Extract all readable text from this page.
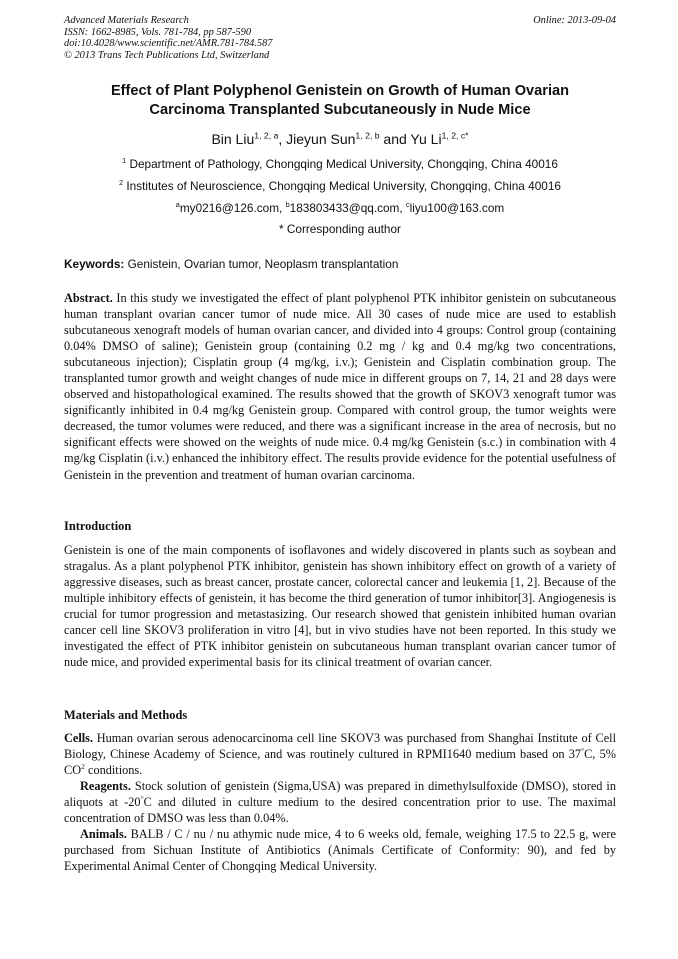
Advanced Materials Research
ISSN: 1662-8985, Vols. 781-784, pp 587-590
doi:10.4028/www.scientific.net/AMR.781-784.587
© 2013 Trans Tech Publications Ltd, Switzerland
Online: 2013-09-04
Effect of Plant Polyphenol Genistein on Growth of Human Ovarian
Carcinoma Transplanted Subcutaneously in Nude Mice
Bin Liu$^{1, 2, a}$, Jieyun Sun$^{1, 2, b}$ and Yu $Li^{1, 2, c*}$
$^1$ Department of Pathology, Chongqing Medical University, Chongqing, China 40016
$^2$ Institutes of Neuroscience, Chongqing Medical University, Chongqing, China 40016
$^a$my0216@126.com, $^b$183803433@qq.com, $^c$liyu100@163.com
* Corresponding author
Keywords: Genistein, Ovarian tumor, Neoplasm transplantation

Abstract. In this study we investigated the effect of plant polyphenol PTK inhibitor genistein on subcutaneous human transplant ovarian cancer tumor of nude mice. All 30 cases of nude mice are used to establish subcutaneous xenograft models of human ovarian cancer, and divided into 4 groups: Control group (containing 0.04% DMSO of saline); Genistein group (containing 0.2 mg / kg and 0.4 mg/kg two concentrations, subcutaneous injection); Cisplatin group (4 mg/kg, i.v.); Genistein and Cisplatin combination group. The transplanted tumor growth and weight changes of nude mice in different groups on 7, 14, 21 and 28 days were observed and histopathological examined. The results showed that the growth of SKOV3 xenograft tumor was significantly inhibited in 0.4 mg/kg Genistein group. Compared with control group, the tumor weights were decreased, the tumor volumes were reduced, and there was a significant increase in the area of necrosis, but no significant effects were showed on the weights of nude mice. 0.4 mg/kg Genistein (s.c.) in combination with 4 mg/kg Cisplatin (i.v.) enhanced the inhibitory effect. The results provide evidence for the potential usefulness of Genistein in the prevention and treatment of human ovarian carcinoma.

Introduction

Genistein is one of the main components of isoflavones and widely discovered in plants such as soybean and stragalus. As a plant polyphenol PTK inhibitor, genistein has shown inhibitory effect on growth of a variety of aggressive diseases, such as breast cancer, prostate cancer, colorectal cancer and leukemia [1, 2]. Because of the multiple inhibitory effects of genistein, it has become the third generation of tumor inhibitor[3]. Angiogenesis is crucial for tumor progression and metastasizing. Our research showed that genistein inhibited human ovarian cancer cell line SKOV3 proliferation in vitro [4], but in vivo studies have not been reported. In this study we investigated the effect of PTK inhibitor genistein on subcutaneous human transplant ovarian cancer tumor of nude mice, and provided experimental basis for its clinical treatment of ovarian cancer.

Materials and Methods

Cells. Human ovarian serous adenocarcinoma cell line SKOV3 was purchased from Shanghai Institute of Cell Biology, Chinese Academy of Science, and was routinely cultured in RPMI1640 medium based on 37°C, 5% $CO^2$ conditions.

Reagents. Stock solution of genistein (Sigma,USA) was prepared in dimethylsulfoxide (DMSO), stored in aliquots at -20°C and diluted in culture medium to the desired concentration prior to use. The maximal concentration of DMSO was less than 0.04%.

Animals. BALB / C / nu / nu athymic nude mice, 4 to 6 weeks old, female, weighing 17.5 to 22.5 g, were purchased from Sichuan Institute of Antibiotics (Animals Certificate of Conformity: 90), and fed by Experimental Animal Center of Chongqing Medical University.
